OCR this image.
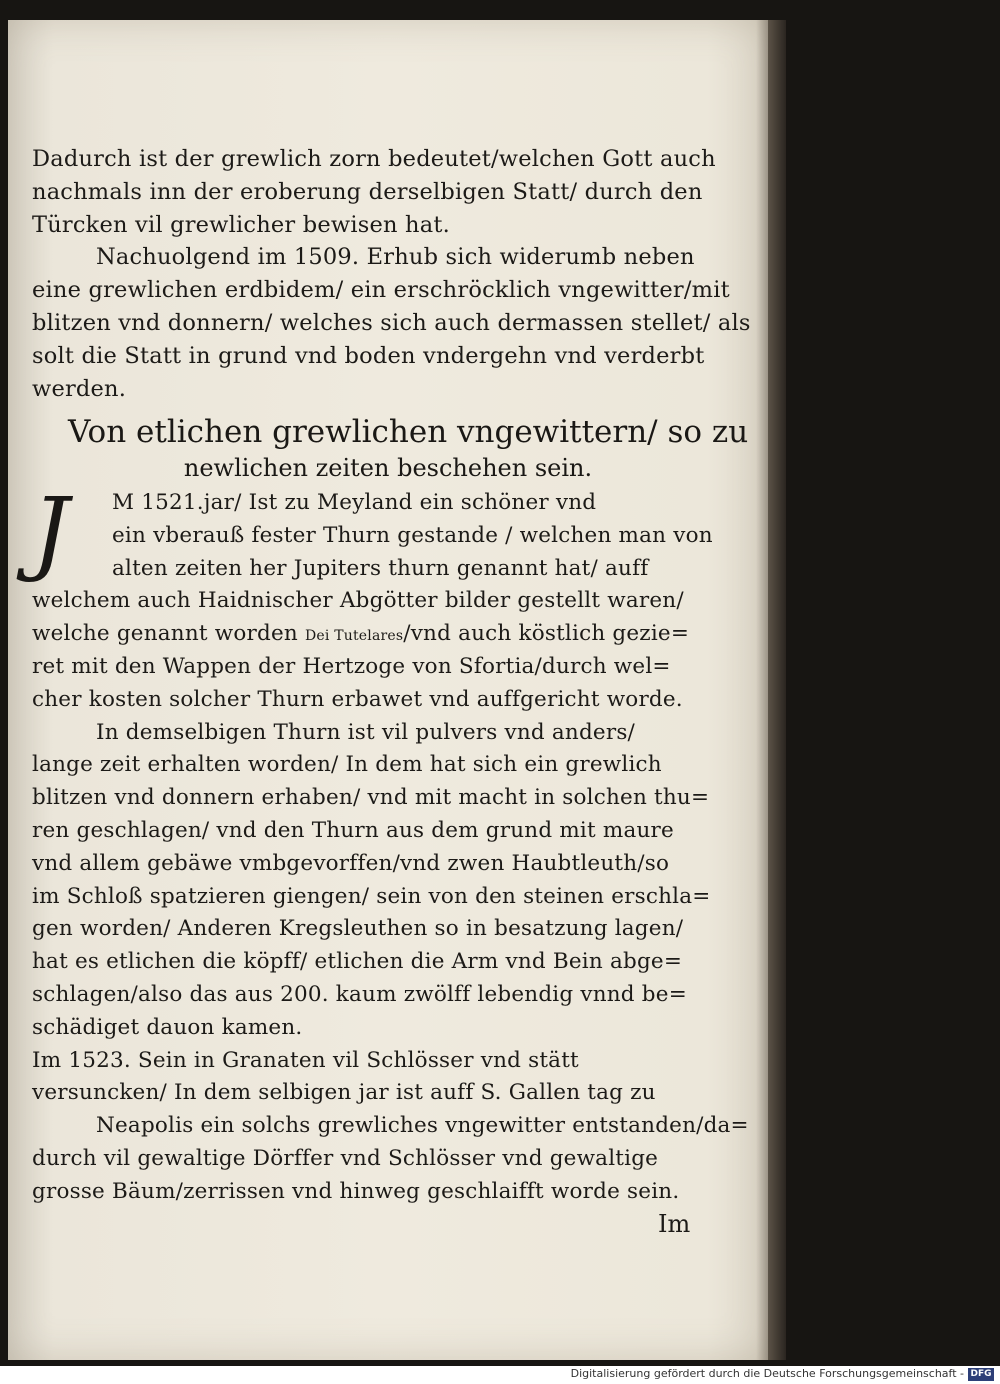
Dadurch ist der grewlich zorn bedeutet/welchen Gott auch
nachmals inn der eroberung derselbigen Statt/ durch den
Türcken vil grewlicher bewisen hat.
Nachuolgend im 1509. Erhub sich widerumb neben
eine grewlichen erdbidem/ ein erschröcklich vngewitter/mit
blitzen vnd donnern/ welches sich auch dermassen stellet/ als
solt die Statt in grund vnd boden vndergehn vnd verderbt
werden.
Von etlichen grewlichen vngewittern/ so zu
newlichen zeiten beschehen sein.
J	M 1521.jar/ Ist zu Meyland ein schöner vnd
ein vberauß fester Thurn gestande / welchen man von
alten zeiten her Jupiters thurn genannt hat/ auff
welchem auch Haidnischer Abgötter bilder gestellt waren/
welche genannt worden Dei Tutelares/vnd auch köstlich gezie=
ret mit den Wappen der Hertzoge von Sfortia/durch wel=
cher kosten solcher Thurn erbawet vnd auffgericht worde.
In demselbigen Thurn ist vil pulvers vnd anders/
lange zeit erhalten worden/ In dem hat sich ein grewlich
blitzen vnd donnern erhaben/ vnd mit macht in solchen thu=
ren geschlagen/ vnd den Thurn aus dem grund mit maure
vnd allem gebäwe vmbgevorffen/vnd zwen Haubtleuth/so
im Schloß spatzieren giengen/ sein von den steinen erschla=
gen worden/ Anderen Kregsleuthen so in besatzung lagen/
hat es etlichen die köpff/ etlichen die Arm vnd Bein abge=
schlagen/also das aus 200. kaum zwölff lebendig vnnd be=
schädiget dauon kamen.
Im 1523. Sein in Granaten vil Schlösser vnd stätt
versuncken/ In dem selbigen jar ist auff S. Gallen tag zu
Neapolis ein solchs grewliches vngewitter entstanden/da=
durch vil gewaltige Dörffer vnd Schlösser vnd gewaltige
grosse Bäum/zerrissen vnd hinweg geschlaifft worde sein.
Im
Digitalisierung gefördert durch die Deutsche Forschungsgemeinschaft - DFG
